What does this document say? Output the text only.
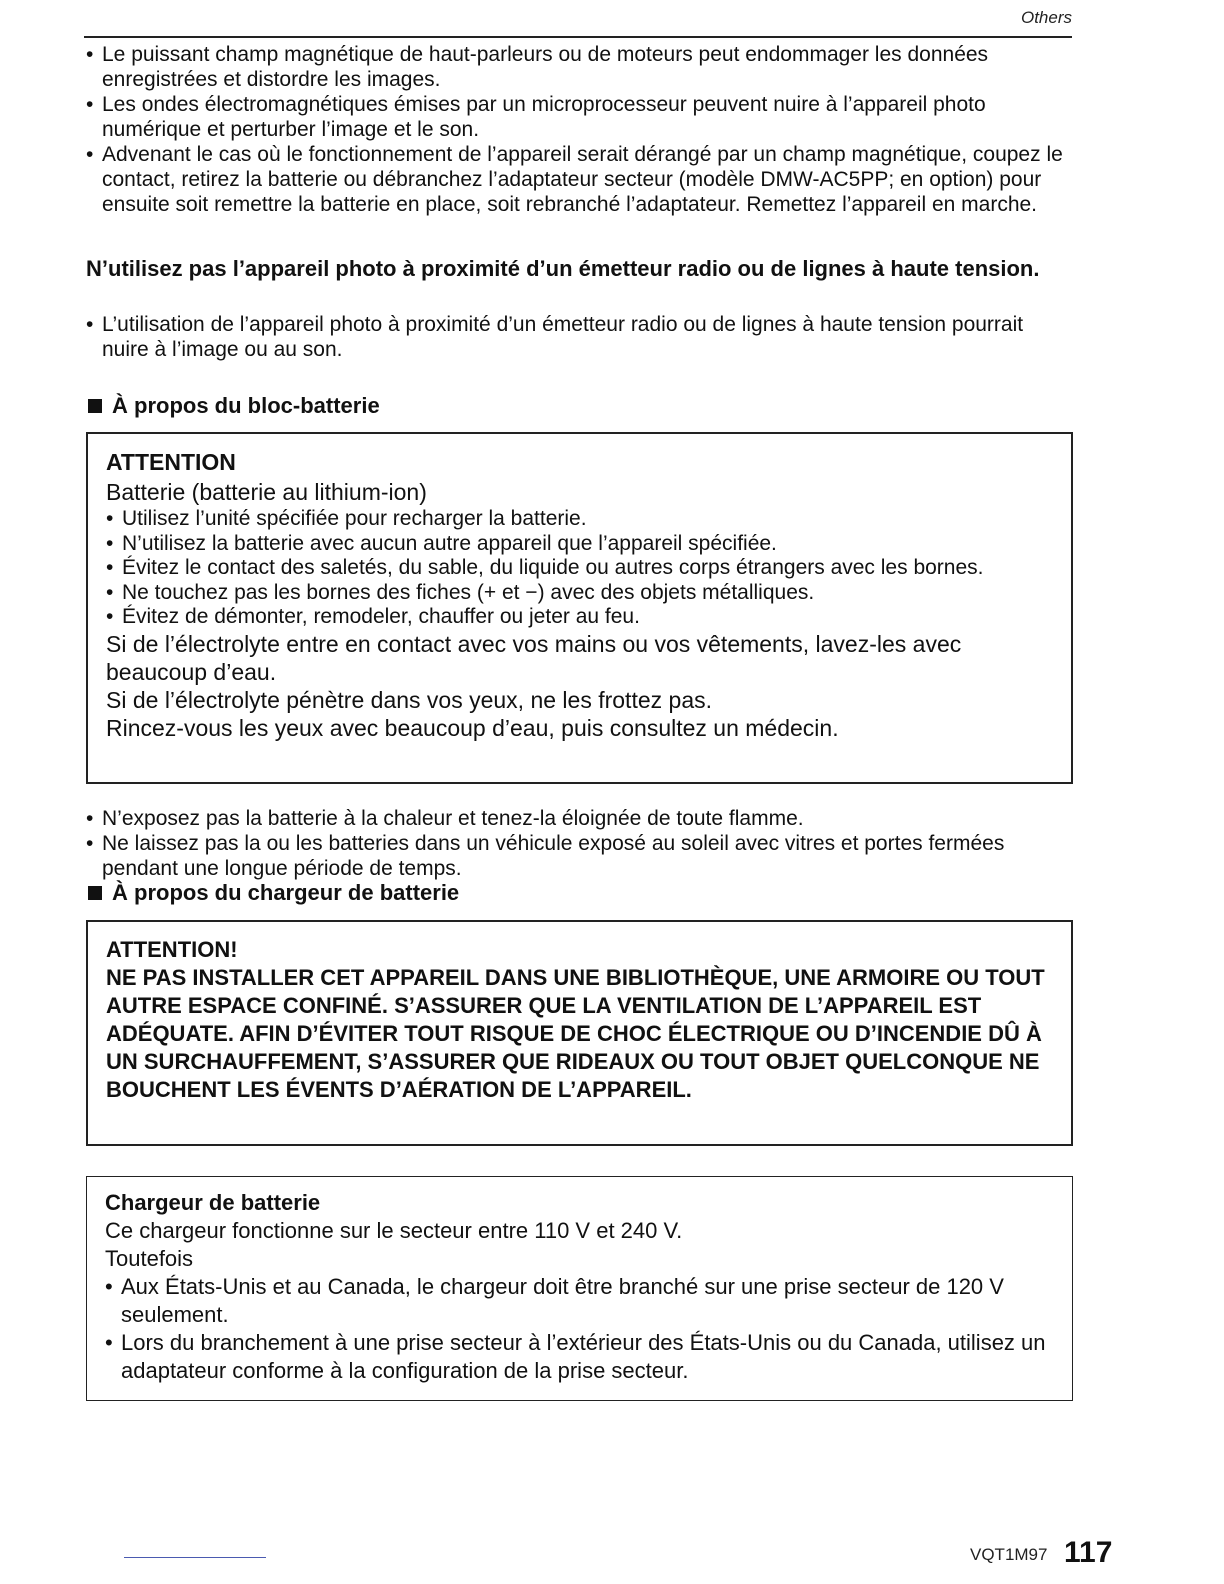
Others

• Le puissant champ magnétique de haut-parleurs ou de moteurs peut endommager les données enregistrées et distordre les images.

• Les ondes électromagnétiques émises par un microprocesseur peuvent nuire à l’appareil photo numérique et perturber l’image et le son.

• Advenant le cas où le fonctionnement de l’appareil serait dérangé par un champ magnétique, coupez le contact, retirez la batterie ou débranchez l’adaptateur secteur (modèle DMW-AC5PP; en option) pour ensuite soit remettre la batterie en place, soit rebranché l’adaptateur. Remettez l’appareil en marche.

N’utilisez pas l’appareil photo à proximité d’un émetteur radio ou de lignes à haute tension.

• L’utilisation de l’appareil photo à proximité d’un émetteur radio ou de lignes à haute tension pourrait nuire à l’image ou au son.

À propos du bloc-batterie

ATTENTION

Batterie (batterie au lithium-ion)

• Utilisez l’unité spécifiée pour recharger la batterie.

• N’utilisez la batterie avec aucun autre appareil que l’appareil spécifiée.

• Évitez le contact des saletés, du sable, du liquide ou autres corps étrangers avec les bornes.

• Ne touchez pas les bornes des fiches (+ et −) avec des objets métalliques.

• Évitez de démonter, remodeler, chauffer ou jeter au feu.

Si de l’électrolyte entre en contact avec vos mains ou vos vêtements, lavez-les avec beaucoup d’eau.

Si de l’électrolyte pénètre dans vos yeux, ne les frottez pas.

Rincez-vous les yeux avec beaucoup d’eau, puis consultez un médecin.

• N’exposez pas la batterie à la chaleur et tenez-la éloignée de toute flamme.

• Ne laissez pas la ou les batteries dans un véhicule exposé au soleil avec vitres et portes fermées pendant une longue période de temps.

À propos du chargeur de batterie

ATTENTION!

NE PAS INSTALLER CET APPAREIL DANS UNE BIBLIOTHÈQUE, UNE ARMOIRE OU TOUT AUTRE ESPACE CONFINÉ. S’ASSURER QUE LA VENTILATION DE L’APPAREIL EST ADÉQUATE. AFIN D’ÉVITER TOUT RISQUE DE CHOC ÉLECTRIQUE OU D’INCENDIE DÛ À UN SURCHAUFFEMENT, S’ASSURER QUE RIDEAUX OU TOUT OBJET QUELCONQUE NE BOUCHENT LES ÉVENTS D’AÉRATION DE L’APPAREIL.

Chargeur de batterie

Ce chargeur fonctionne sur le secteur entre 110 V et 240 V.

Toutefois

• Aux États-Unis et au Canada, le chargeur doit être branché sur une prise secteur de 120 V seulement.

• Lors du branchement à une prise secteur à l’extérieur des États-Unis ou du Canada, utilisez un adaptateur conforme à la configuration de la prise secteur.

VQT1M97 117
